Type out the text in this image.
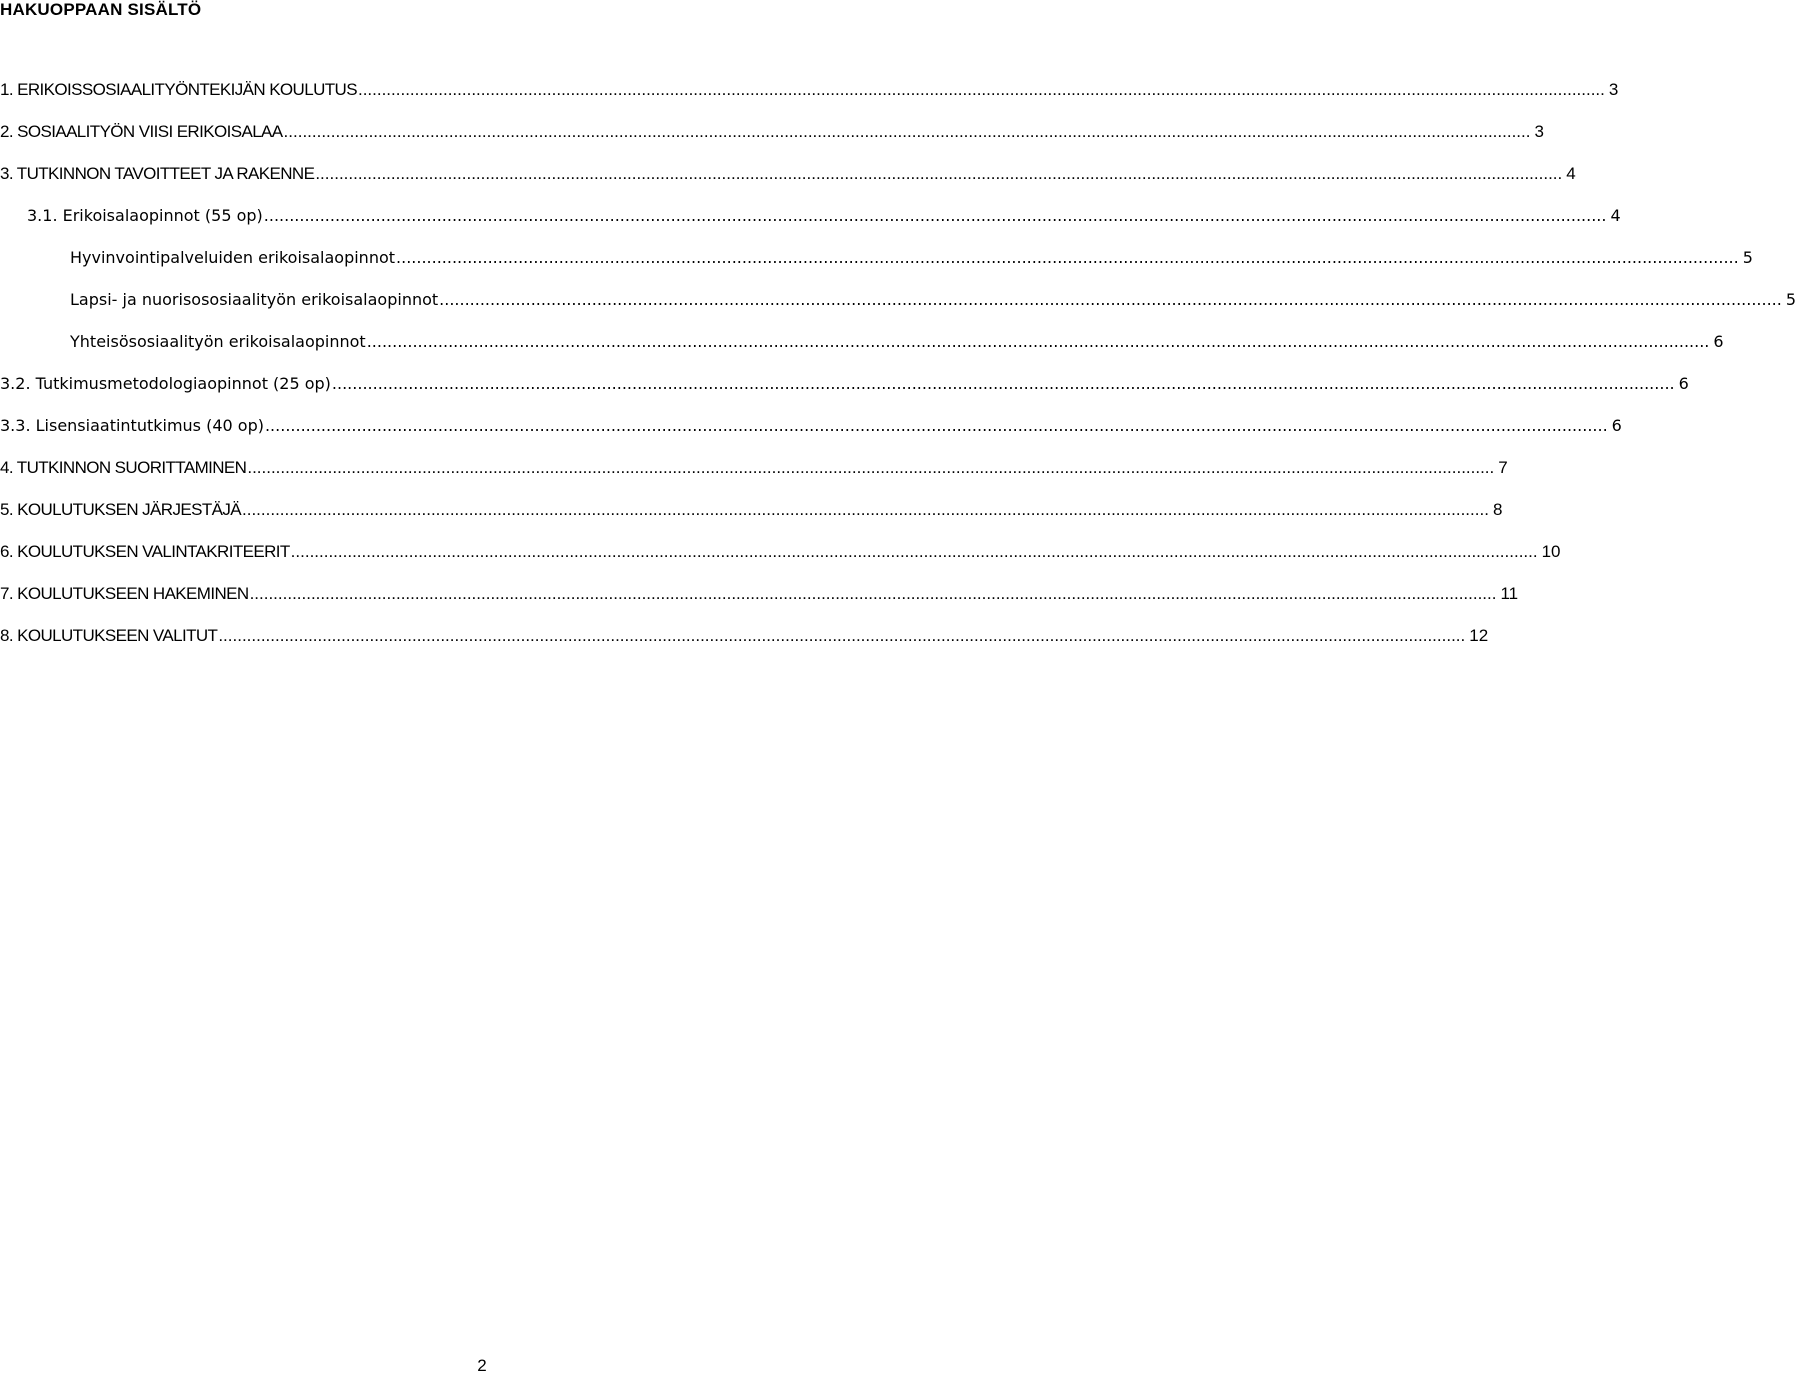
HAKUOPPAAN SISÄLTÖ
1. ERIKOISSOSIAALITYÖNTEKIJÄN KOULUTUS .....	3
2. SOSIAALITYÖN VIISI ERIKOISALAA .....	3
3. TUTKINNON TAVOITTEET JA RAKENNE .....	4
3.1. Erikoisalaopinnot (55 op) .....	4
Hyvinvointipalveluiden erikoisalaopinnot .....	5
Lapsi- ja nuorisososiaalityön erikoisalaopinnot .....	5
Yhteisösosiaalityön erikoisalaopinnot .....	6
3.2. Tutkimusmetodologiaopinnot (25 op) .....	6
3.3. Lisensiaatintutkimus (40 op) .....	6
4. TUTKINNON SUORITTAMINEN .....	7
5. KOULUTUKSEN JÄRJESTÄJÄ .....	8
6. KOULUTUKSEN VALINTAKRITEERIT .....	10
7. KOULUTUKSEEN HAKEMINEN .....	11
8. KOULUTUKSEEN VALITUT .....	12
2
